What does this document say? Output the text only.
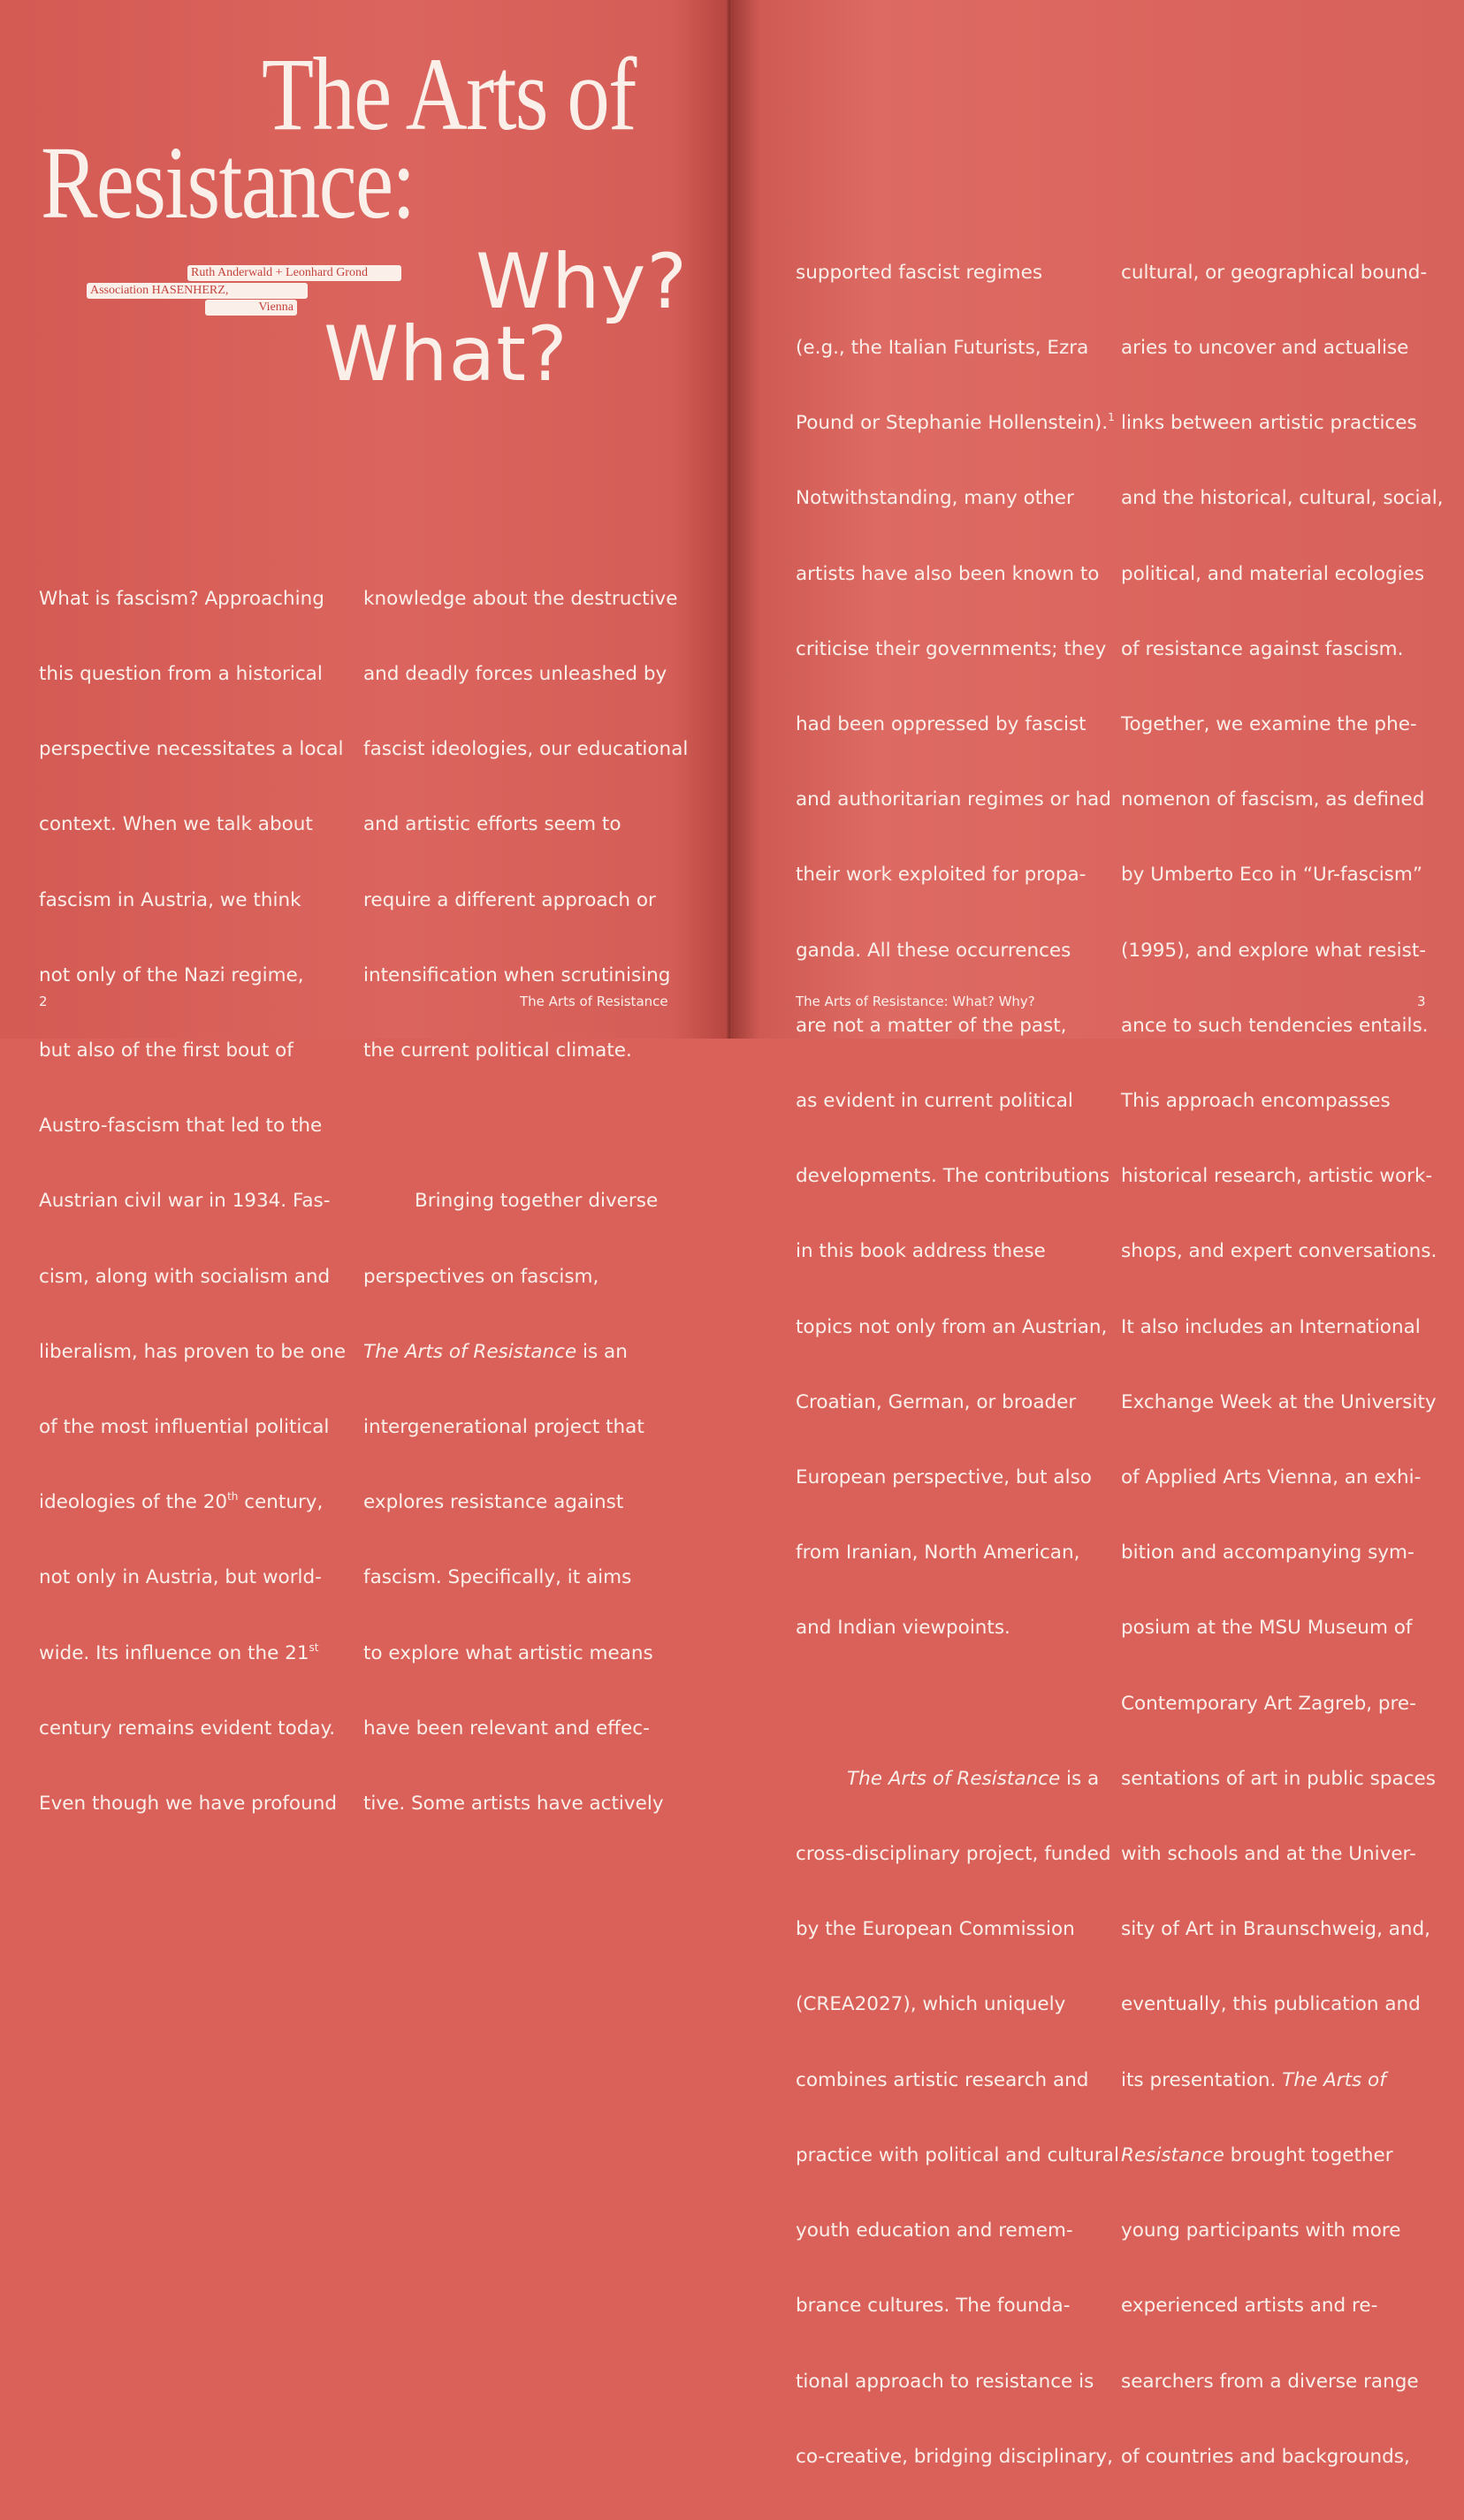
The Arts of
Resistance:
Why?
What?
Ruth Anderwald + Leonhard Grond
Association HASENHERZ,
Vienna

What is fascism? Approaching

this question from a historical

perspective necessitates a local

context. When we talk about

fascism in Austria, we think

not only of the Nazi regime,

but also of the first bout of

Austro-fascism that led to the

Austrian civil war in 1934. Fas-

cism, along with socialism and

liberalism, has proven to be one

of the most influential political

ideologies of the 20th century,

not only in Austria, but world-

wide. Its influence on the 21st

century remains evident today.

Even though we have profound

knowledge about the destructive

and deadly forces unleashed by

fascist ideologies, our educational

and artistic efforts seem to

require a different approach or

intensification when scrutinising

the current political climate.

Bringing together diverse

perspectives on fascism,

The Arts of Resistance is an

intergenerational project that

explores resistance against

fascism. Specifically, it aims

to explore what artistic means

have been relevant and effec-

tive. Some artists have actively

2	The Arts of Resistance

supported fascist regimes

(e.g., the Italian Futurists, Ezra

Pound or Stephanie Hollenstein).$^1$

Notwithstanding, many other

artists have also been known to

criticise their governments; they

had been oppressed by fascist

and authoritarian regimes or had

their work exploited for propa-

ganda. All these occurrences

are not a matter of the past,

as evident in current political

developments. The contributions

in this book address these

topics not only from an Austrian,

Croatian, German, or broader

European perspective, but also

from Iranian, North American,

and Indian viewpoints.

The Arts of Resistance is a

cross-disciplinary project, funded

by the European Commission

(CREA2027), which uniquely

combines artistic research and

practice with political and cultural

youth education and remem-

brance cultures. The founda-

tional approach to resistance is

co-creative, bridging disciplinary,

cultural, or geographical bound-

aries to uncover and actualise

links between artistic practices

and the historical, cultural, social,

political, and material ecologies

of resistance against fascism.

Together, we examine the phe-

nomenon of fascism, as defined

by Umberto Eco in “Ur-fascism”

(1995), and explore what resist-

ance to such tendencies entails.

This approach encompasses

historical research, artistic work-

shops, and expert conversations.

It also includes an International

Exchange Week at the University

of Applied Arts Vienna, an exhi-

bition and accompanying sym-

posium at the MSU Museum of

Contemporary Art Zagreb, pre-

sentations of art in public spaces

with schools and at the Univer-

sity of Art in Braunschweig, and,

eventually, this publication and

its presentation. The Arts of

Resistance brought together

young participants with more

experienced artists and re-

searchers from a diverse range

of countries and backgrounds,

The Arts of Resistance: What? Why?	3
